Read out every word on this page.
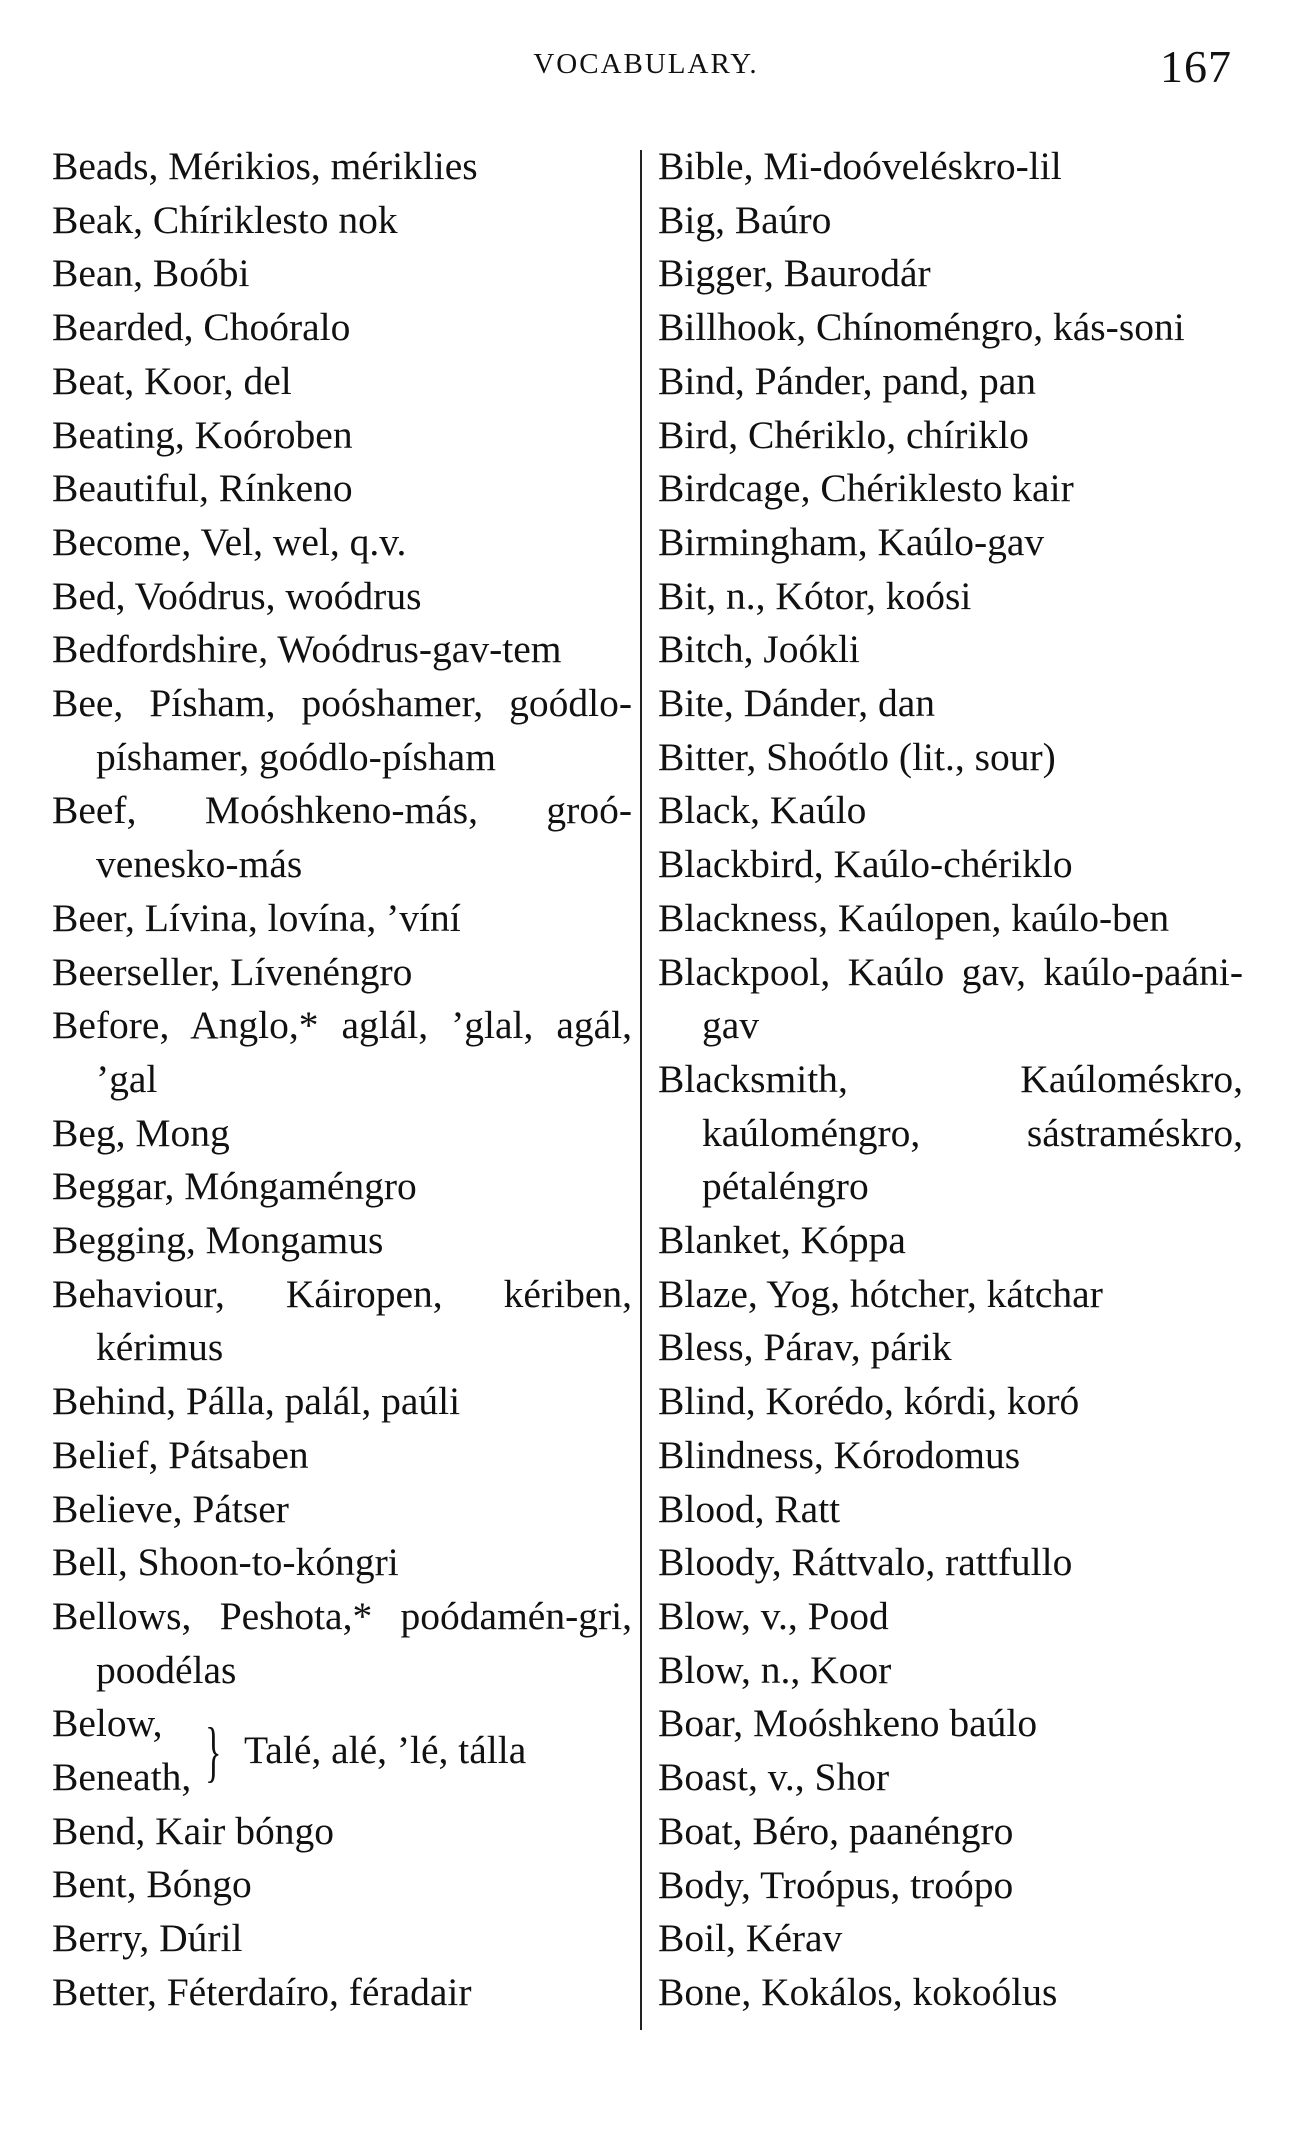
VOCABULARY.	167

Beads, Mérikios, mériklies

Beak, Chíriklesto nok

Bean, Boóbi

Bearded, Choóralo

Beat, Koor, del

Beating, Koóroben

Beautiful, Rínkeno

Become, Vel, wel, q.v.

Bed, Voódrus, woódrus

Bedfordshire, Woódrus-gav-tem

Bee, Písham, poóshamer, goódlo-píshamer, goódlo-písham

Beef, Moóshkeno-más, groó-venesko-más

Beer, Lívina, lovína, ’víní

Beerseller, Lívenéngro

Before, Anglo,* aglál, ’glal, agál, ’gal

Beg, Mong

Beggar, Móngaméngro

Begging, Mongamus

Behaviour, Káiropen, kériben, kérimus

Behind, Pálla, palál, paúli

Belief, Pátsaben

Believe, Pátser

Bell, Shoon-to-kóngri

Bellows, Peshota,* poódamén-gri, poodélas

Below,
Beneath, } Talé, alé, ’lé, tálla

Bend, Kair bóngo

Bent, Bóngo

Berry, Dúril

Better, Féterdaíro, féradair

Bible, Mi-doóveléskro-lil

Big, Baúro

Bigger, Baurodár

Billhook, Chínoméngro, kás-soni

Bind, Pánder, pand, pan

Bird, Chériklo, chíriklo

Birdcage, Chériklesto kair

Birmingham, Kaúlo-gav

Bit, n., Kótor, koósi

Bitch, Joókli

Bite, Dánder, dan

Bitter, Shoótlo (lit., sour)

Black, Kaúlo

Blackbird, Kaúlo-chériklo

Blackness, Kaúlopen, kaúlo-ben

Blackpool, Kaúlo gav, kaúlo-paáni-gav

Blacksmith, Kaúloméskro, kaúloméngro, sástraméskro, pétaléngro

Blanket, Kóppa

Blaze, Yog, hótcher, kátchar

Bless, Párav, párik

Blind, Korédo, kórdi, koró

Blindness, Kórodomus

Blood, Ratt

Bloody, Ráttvalo, rattfullo

Blow, v., Pood

Blow, n., Koor

Boar, Moóshkeno baúlo

Boast, v., Shor

Boat, Béro, paanéngro

Body, Troópus, troópo

Boil, Kérav

Bone, Kokálos, kokoólus
